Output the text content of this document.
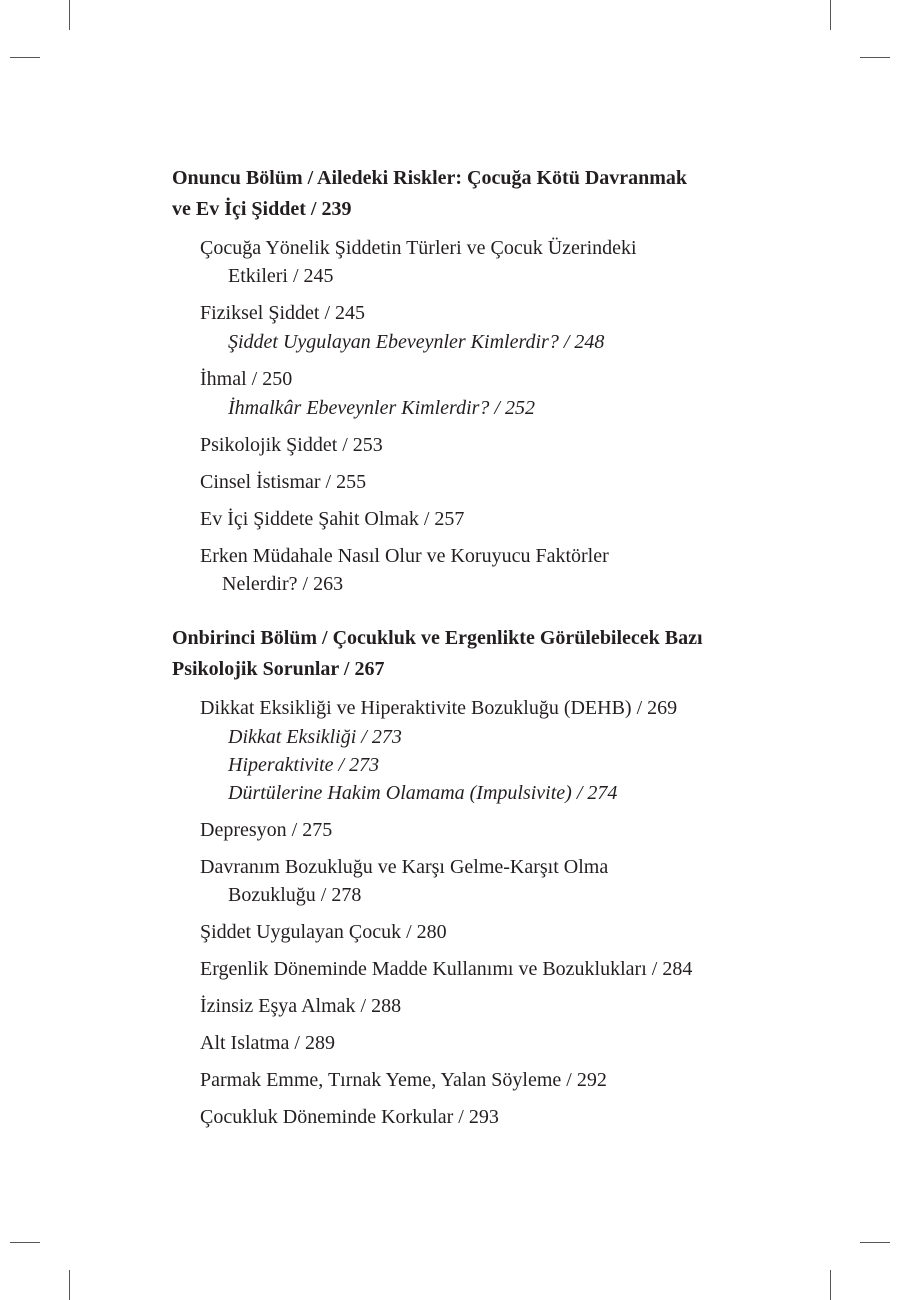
Onuncu Bölüm / Ailedeki Riskler: Çocuğa Kötü Davranmak
ve Ev İçi Şiddet / 239

Çocuğa Yönelik Şiddetin Türleri ve Çocuk Üzerindeki
Etkileri / 245

Fiziksel Şiddet / 245

Şiddet Uygulayan Ebeveynler Kimlerdir? / 248

İhmal / 250

İhmalkâr Ebeveynler Kimlerdir? / 252

Psikolojik Şiddet / 253

Cinsel İstismar / 255

Ev İçi Şiddete Şahit Olmak / 257

Erken Müdahale Nasıl Olur ve Koruyucu Faktörler
Nelerdir? / 263

Onbirinci Bölüm / Çocukluk ve Ergenlikte Görülebilecek Bazı
Psikolojik Sorunlar / 267

Dikkat Eksikliği ve Hiperaktivite Bozukluğu (DEHB) / 269

Dikkat Eksikliği / 273

Hiperaktivite / 273

Dürtülerine Hakim Olamama (Impulsivite) / 274

Depresyon / 275

Davranım Bozukluğu ve Karşı Gelme-Karşıt Olma
Bozukluğu / 278

Şiddet Uygulayan Çocuk / 280

Ergenlik Döneminde Madde Kullanımı ve Bozuklukları / 284

İzinsiz Eşya Almak / 288

Alt Islatma / 289

Parmak Emme, Tırnak Yeme, Yalan Söyleme / 292

Çocukluk Döneminde Korkular / 293
